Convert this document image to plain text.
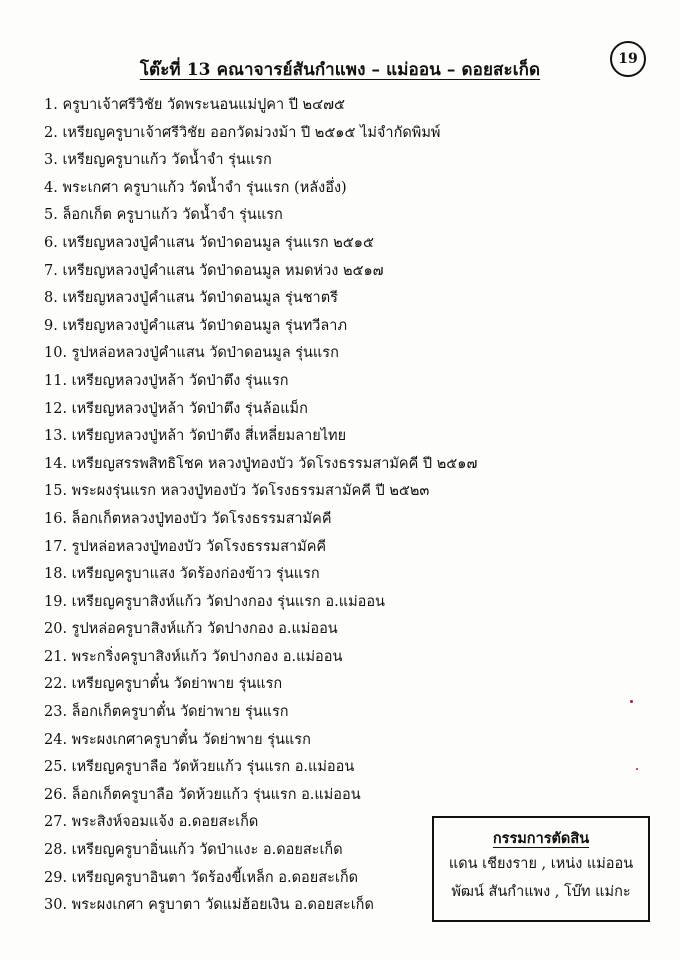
โต๊ะที่ 13 คณาจารย์สันกำแพง – แม่ออน – ดอยสะเก็ด
19
1. ครูบาเจ้าศรีวิชัย วัดพระนอนแม่ปูคา ปี ๒๔๗๕
2. เหรียญครูบาเจ้าศรีวิชัย ออกวัดม่วงม้า ปี ๒๕๑๕ ไม่จำกัดพิมพ์
3. เหรียญครูบาแก้ว วัดน้ำจำ รุ่นแรก
4. พระเกศา ครูบาแก้ว วัดน้ำจำ รุ่นแรก (หลังอึ่ง)
5. ล็อกเก็ต ครูบาแก้ว วัดน้ำจำ รุ่นแรก
6. เหรียญหลวงปู่คำแสน วัดป่าดอนมูล รุ่นแรก ๒๕๑๕
7. เหรียญหลวงปู่คำแสน วัดป่าดอนมูล หมดห่วง ๒๕๑๗
8. เหรียญหลวงปู่คำแสน วัดป่าดอนมูล รุ่นชาตรี
9. เหรียญหลวงปู่คำแสน วัดป่าดอนมูล รุ่นทวีลาภ
10. รูปหล่อหลวงปู่คำแสน วัดป่าดอนมูล รุ่นแรก
11. เหรียญหลวงปู่หล้า วัดป่าตึง รุ่นแรก
12. เหรียญหลวงปู่หล้า วัดป่าตึง รุ่นล้อแม็ก
13. เหรียญหลวงปู่หล้า วัดป่าตึง สี่เหลี่ยมลายไทย
14. เหรียญสรรพสิทธิโชค หลวงปู่ทองบัว วัดโรงธรรมสามัคคี ปี ๒๕๑๗
15. พระผงรุ่นแรก หลวงปู่ทองบัว วัดโรงธรรมสามัคคี ปี ๒๕๒๓
16. ล็อกเก็ตหลวงปู่ทองบัว วัดโรงธรรมสามัคคี
17. รูปหล่อหลวงปู่ทองบัว วัดโรงธรรมสามัคคี
18. เหรียญครูบาแสง วัดร้องก่องข้าว รุ่นแรก
19. เหรียญครูบาสิงห์แก้ว วัดปางกอง รุ่นแรก อ.แม่ออน
20. รูปหล่อครูบาสิงห์แก้ว วัดปางกอง อ.แม่ออน
21. พระกริ่งครูบาสิงห์แก้ว วัดปางกอง อ.แม่ออน
22. เหรียญครูบาตั๋น วัดย่าพาย รุ่นแรก
23. ล็อกเก็ตครูบาตั๋น วัดย่าพาย รุ่นแรก
24. พระผงเกศาครูบาตั๋น วัดย่าพาย รุ่นแรก
25. เหรียญครูบาลือ วัดห้วยแก้ว รุ่นแรก อ.แม่ออน
26. ล็อกเก็ตครูบาลือ วัดห้วยแก้ว รุ่นแรก อ.แม่ออน
27. พระสิงห์จอมแจ้ง อ.ดอยสะเก็ด
28. เหรียญครูบาอิ่นแก้ว วัดป่าแงะ อ.ดอยสะเก็ด
29. เหรียญครูบาอินตา วัดร้องขี้เหล็ก อ.ดอยสะเก็ด
30. พระผงเกศา ครูบาตา วัดแม่ฮ้อยเงิน อ.ดอยสะเก็ด
กรรมการตัดสิน
แดน เชียงราย , เหน่ง แม่ออน
พัฒน์ สันกำแพง , โบ๊ท แม่กะ
